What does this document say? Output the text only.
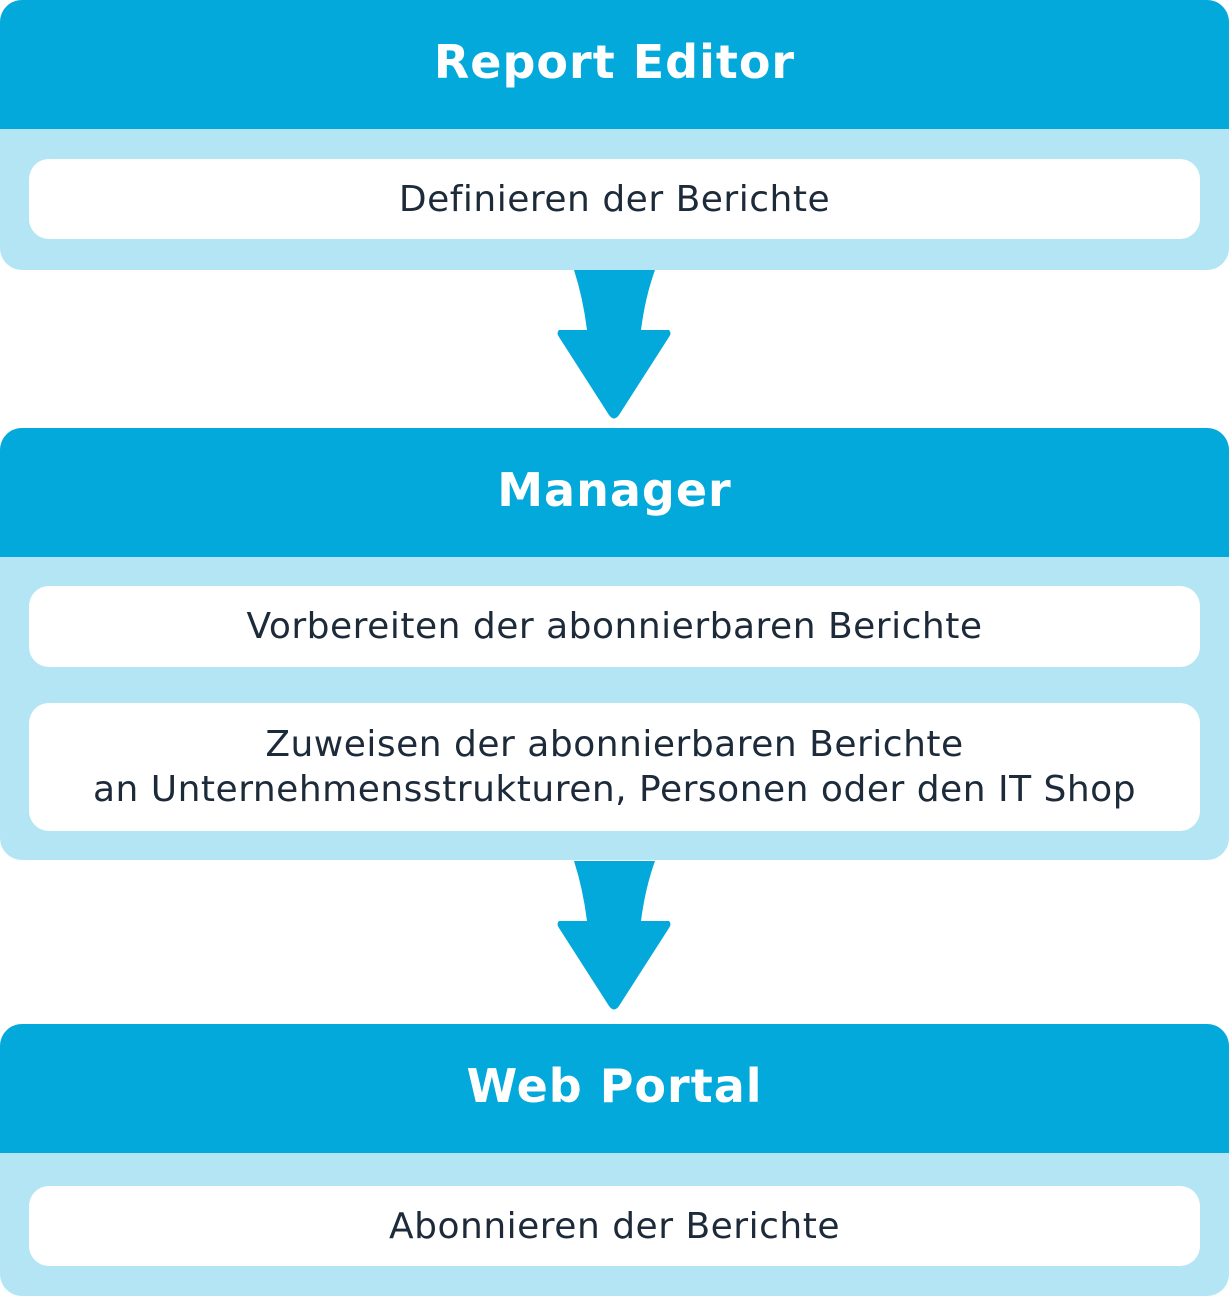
Report Editor
Definieren der Berichte
Manager
Vorbereiten der abonnierbaren Berichte
Zuweisen der abonnierbaren Berichte
an Unternehmensstrukturen, Personen oder den IT Shop
Web Portal
Abonnieren der Berichte
